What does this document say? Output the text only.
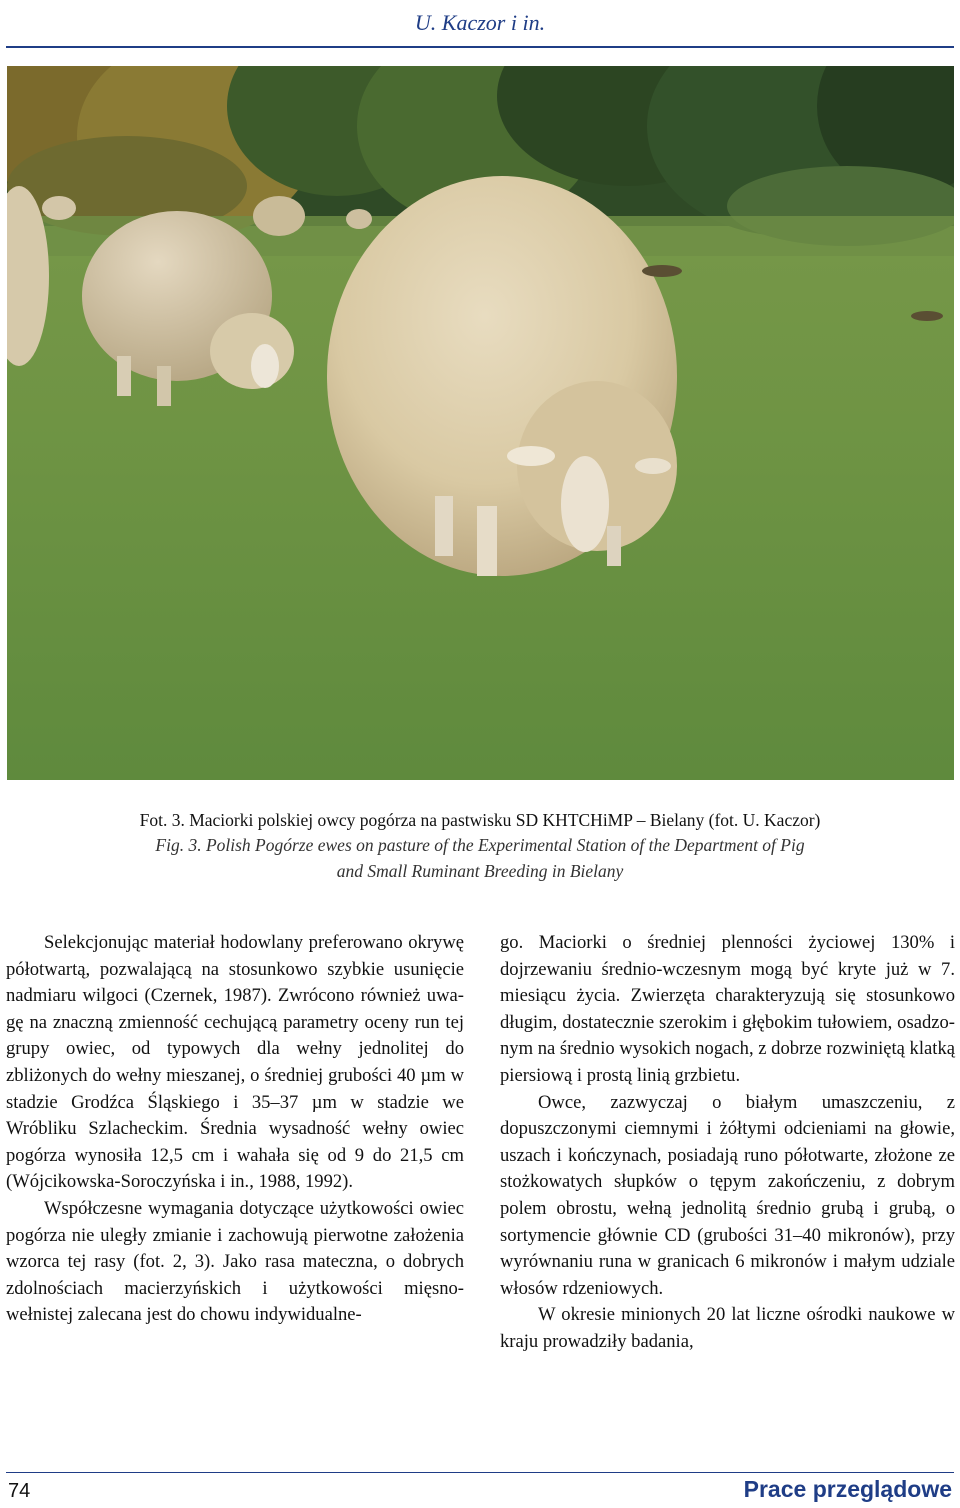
U. Kaczor i in.
Fot. 3. Maciorki polskiej owcy pogórza na pastwisku SD KHTCHiMP – Bielany (fot. U. Kaczor)
Fig. 3. Polish Pogórze ewes on pasture of the Experimental Station of the Department of Pig
and Small Ruminant Breeding in Bielany

Selekcjonując materiał hodowlany preferowano okrywę półotwartą, pozwalającą na stosunkowo szybkie usunięcie nadmiaru wilgoci (Czernek, 1987). Zwrócono również uwagę na znaczną zmienność cechującą parametry oceny run tej grupy owiec, od typowych dla wełny jednolitej do zbliżonych do wełny mieszanej, o średniej grubości 40 µm w stadzie Grodźca Śląskiego i 35–37 µm w stadzie we Wróbliku Szlacheckim. Średnia wysadność wełny owiec pogórza wynosiła 12,5 cm i wahała się od 9 do 21,5 cm (Wójcikowska-Soroczyńska i in., 1988, 1992).

Współczesne wymagania dotyczące użytkowości owiec pogórza nie uległy zmianie i zachowują pierwotne założenia wzorca tej rasy (fot. 2, 3). Jako rasa mateczna, o dobrych zdolnościach macierzyńskich i użytkowości mięsno-wełnistej zalecana jest do chowu indywidualne-

go. Maciorki o średniej plenności życiowej 130% i dojrzewaniu średnio-wczesnym mogą być kryte już w 7. miesiącu życia. Zwierzęta charakteryzują się stosunkowo długim, dostatecznie szerokim i głębokim tułowiem, osadzonym na średnio wysokich nogach, z dobrze rozwiniętą klatką piersiową i prostą linią grzbietu.

Owce, zazwyczaj o białym umaszczeniu, z dopuszczonymi ciemnymi i żółtymi odcieniami na głowie, uszach i kończynach, posiadają runo półotwarte, złożone ze stożkowatych słupków o tępym zakończeniu, z dobrym polem obrostu, wełną jednolitą średnio grubą i grubą, o sortymencie głównie CD (grubości 31–40 mikronów), przy wyrównaniu runa w granicach 6 mikronów i małym udziale włosów rdzeniowych.

W okresie minionych 20 lat liczne ośrodki naukowe w kraju prowadziły badania,

74	Prace przeglądowe
